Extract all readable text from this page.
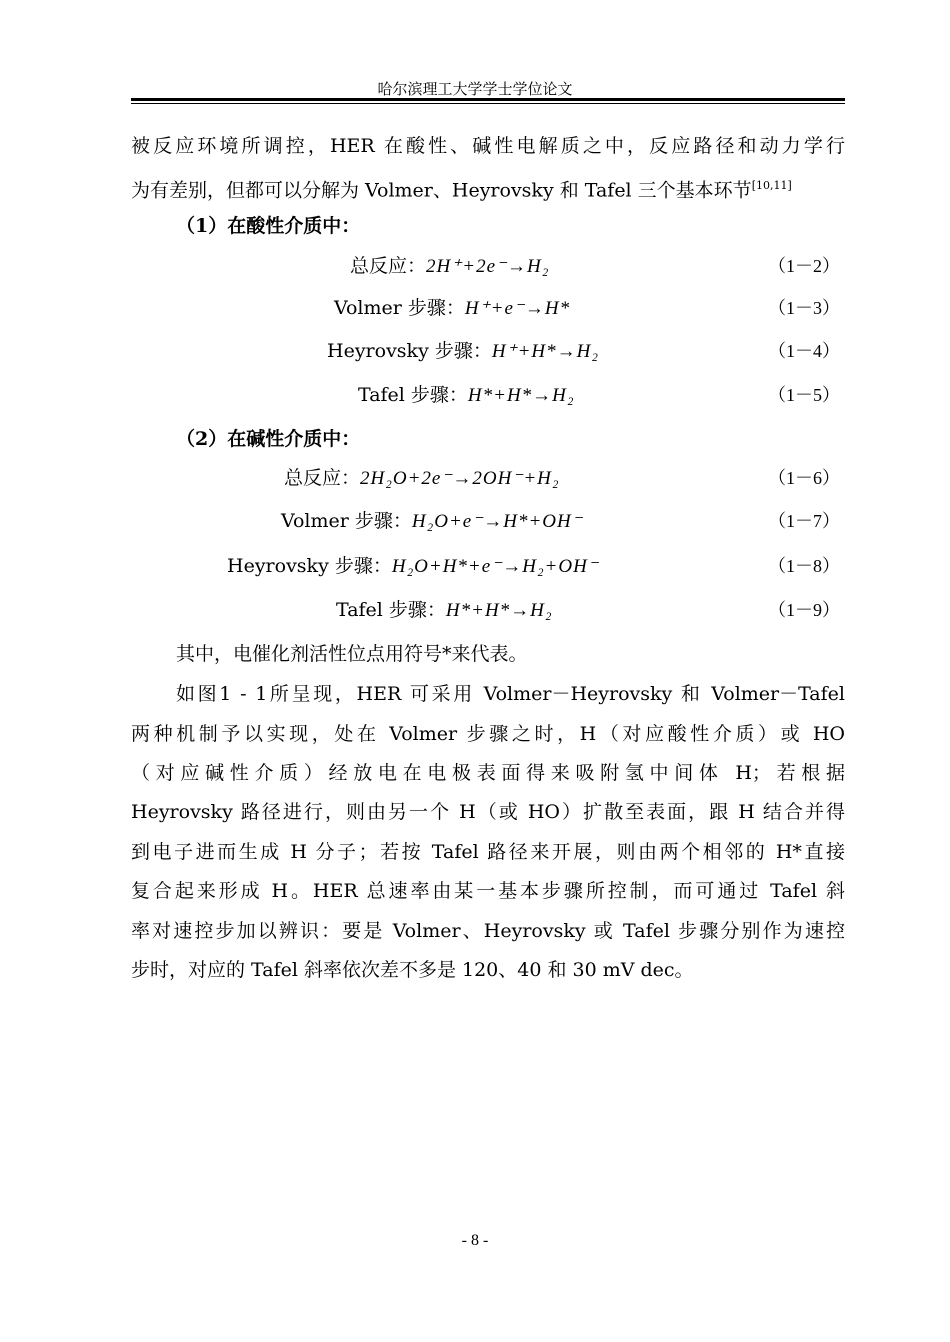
哈尔滨理工大学学士学位论文
被反应环境所调控，HER 在酸性、碱性电解质之中，反应路径和动力学行
为有差别，但都可以分解为 Volmer、Heyrovsky 和 Tafel 三个基本环节[10,11]
（1）在酸性介质中：
总反应：2H⁺+2e⁻→H₂	（1－2）
Volmer 步骤：H⁺+e⁻→H*	（1－3）
Heyrovsky 步骤：H⁺+H*→H₂	（1－4）
Tafel 步骤：H*+H*→H₂	（1－5）
（2）在碱性介质中：
总反应：2H₂O+2e⁻→2OH⁻+H₂	（1－6）
Volmer 步骤：H₂O+e⁻→H*+OH⁻	（1－7）
Heyrovsky 步骤：H₂O+H*+e⁻→H₂+OH⁻	（1－8）
Tafel 步骤：H*+H*→H₂	（1－9）
其中，电催化剂活性位点用符号*来代表。
如图1 - 1所呈现，HER 可采用 Volmer－Heyrovsky 和 Volmer－Tafel
两种机制予以实现，处在 Volmer 步骤之时，H（对应酸性介质）或 HO
（对应碱性介质）经放电在电极表面得来吸附氢中间体 H；若根据
Heyrovsky 路径进行，则由另一个 H（或 HO）扩散至表面，跟 H 结合并得
到电子进而生成 H 分子；若按 Tafel 路径来开展，则由两个相邻的 H*直接
复合起来形成 H。HER 总速率由某一基本步骤所控制，而可通过 Tafel 斜
率对速控步加以辨识：要是 Volmer、Heyrovsky 或 Tafel 步骤分别作为速控
步时，对应的 Tafel 斜率依次差不多是 120、40 和 30 mV dec。
- 8 -
